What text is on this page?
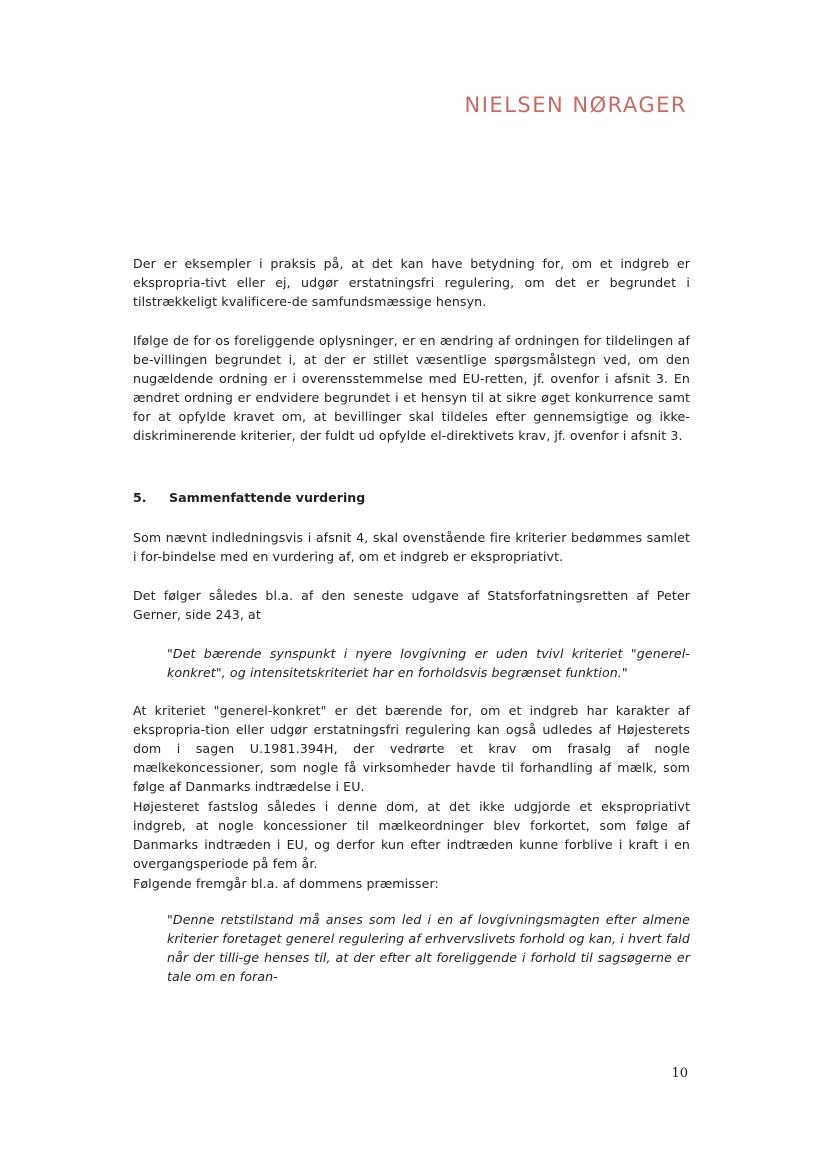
NIELSEN NØRAGER

Der er eksempler i praksis på, at det kan have betydning for, om et indgreb er ekspropria-tivt eller ej, udgør erstatningsfri regulering, om det er begrundet i tilstrækkeligt kvalificere-de samfundsmæssige hensyn.

Ifølge de for os foreliggende oplysninger, er en ændring af ordningen for tildelingen af be-villingen begrundet i, at der er stillet væsentlige spørgsmålstegn ved, om den nugældende ordning er i overensstemmelse med EU-retten, jf. ovenfor i afsnit 3. En ændret ordning er endvidere begrundet i et hensyn til at sikre øget konkurrence samt for at opfylde kravet om, at bevillinger skal tildeles efter gennemsigtige og ikke-diskriminerende kriterier, der fuldt ud opfylde el-direktivets krav, jf. ovenfor i afsnit 3.

5. Sammenfattende vurdering

Som nævnt indledningsvis i afsnit 4, skal ovenstående fire kriterier bedømmes samlet i for-bindelse med en vurdering af, om et indgreb er ekspropriativt.

Det følger således bl.a. af den seneste udgave af Statsforfatningsretten af Peter Gerner, side 243, at

"Det bærende synspunkt i nyere lovgivning er uden tvivl kriteriet "generel-konkret", og intensitetskriteriet har en forholdsvis begrænset funktion."

At kriteriet "generel-konkret" er det bærende for, om et indgreb har karakter af ekspropria-tion eller udgør erstatningsfri regulering kan også udledes af Højesterets dom i sagen U.1981.394H, der vedrørte et krav om frasalg af nogle mælkekoncessioner, som nogle få virksomheder havde til forhandling af mælk, som følge af Danmarks indtrædelse i EU.

Højesteret fastslog således i denne dom, at det ikke udgjorde et ekspropriativt indgreb, at nogle koncessioner til mælkeordninger blev forkortet, som følge af Danmarks indtræden i EU, og derfor kun efter indtræden kunne forblive i kraft i en overgangsperiode på fem år.

Følgende fremgår bl.a. af dommens præmisser:

"Denne retstilstand må anses som led i en af lovgivningsmagten efter almene kriterier foretaget generel regulering af erhvervslivets forhold og kan, i hvert fald når der tilli-ge henses til, at der efter alt foreliggende i forhold til sagsøgerne er tale om en foran-

10
